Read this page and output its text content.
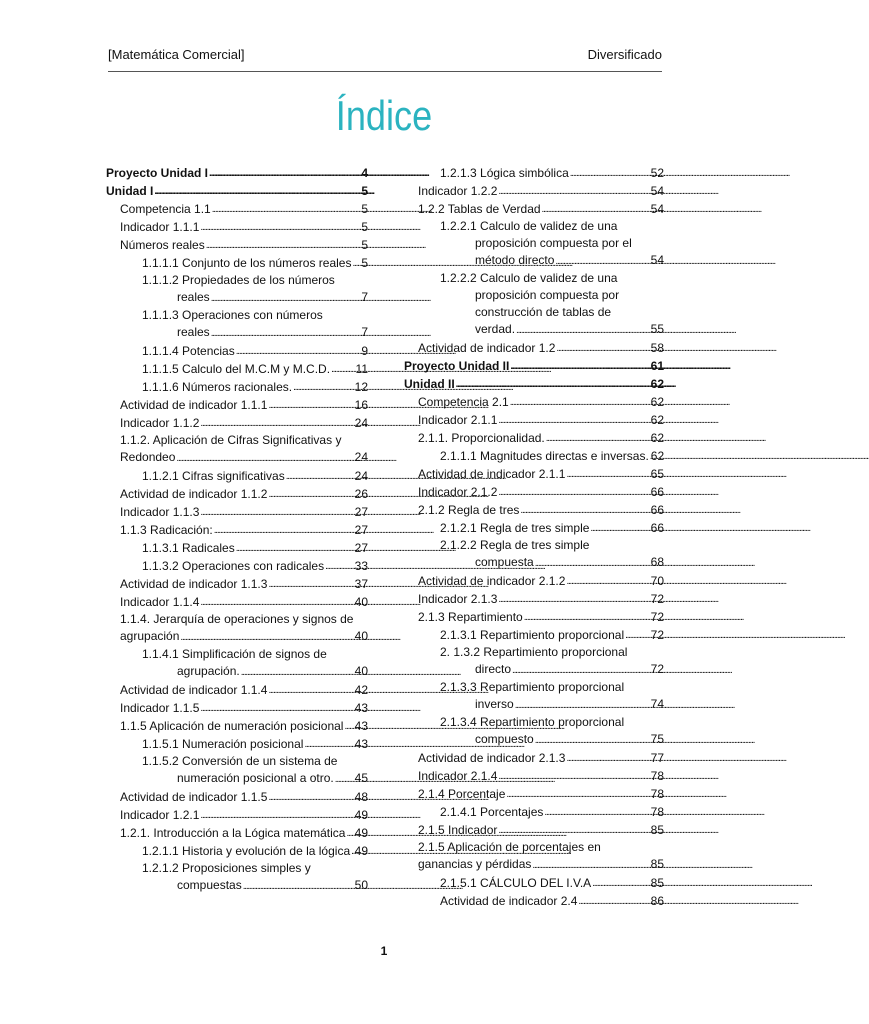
[Matemática Comercial]	Diversificado
Índice
Proyecto Unidad I . . .	4
Unidad I . . .	5
Competencia 1.1 . . .	5
Indicador 1.1.1 . . .	5
Números reales . . .	5
1.1.1.1 Conjunto de los números reales . . . 5
1.1.1.2 Propiedades de los números
reales . . .	7
1.1.1.3 Operaciones con números
reales . . .	7
1.1.1.4 Potencias . . .	9
1.1.1.5 Calculo del M.C.M y M.C.D. . . . 11
1.1.1.6 Números racionales. . . .	12
Actividad de indicador 1.1.1 . . .	16
Indicador 1.1.2 . . .	24
1.1.2. Aplicación de Cifras Significativas y
Redondeo . . .	24
1.1.2.1 Cifras significativas . . .	24
Actividad de indicador 1.1.2 . . .	26
Indicador 1.1.3 . . .	27
1.1.3 Radicación: . . .	27
1.1.3.1 Radicales . . .	27
1.1.3.2 Operaciones con radicales . . .	33
Actividad de indicador 1.1.3 . . .	37
Indicador 1.1.4 . . .	40
1.1.4. Jerarquía de operaciones y signos de
agrupación . . .	40
1.1.4.1 Simplificación de signos de
agrupación. . . .	40
Actividad de indicador 1.1.4 . . .	42
Indicador 1.1.5 . . .	43
1.1.5 Aplicación de numeración posicional . . . 43
1.1.5.1 Numeración posicional . . .	43
1.1.5.2 Conversión de un sistema de
numeración posicional a otro. . . . 45
Actividad de indicador 1.1.5 . . .	48
Indicador 1.2.1 . . .	49
1.2.1. Introducción a la Lógica matemática . . . 49
1.2.1.1 Historia y evolución de la lógica . . . 49
1.2.1.2 Proposiciones simples y
compuestas . . .	50
1.2.1.3 Lógica simbólica . . .	52
Indicador 1.2.2 . . .	54
1.2.2 Tablas de Verdad . . .	54
1.2.2.1 Calculo de validez de una
proposición compuesta por el
método directo . . .	54
1.2.2.2 Calculo de validez de una
proposición compuesta por
construcción de tablas de
verdad. . . .	55
Actividad de indicador 1.2 . . .	58
Proyecto Unidad II . . .	61
Unidad II . . .	62
Competencia 2.1 . . .	62
Indicador 2.1.1 . . .	62
2.1.1. Proporcionalidad. . . .	62
2.1.1.1 Magnitudes directas e inversas. 62
Actividad de indicador 2.1.1 . . .	65
Indicador 2.1.2 . . .	66
2.1.2 Regla de tres . . .	66
2.1.2.1 Regla de tres simple . . .	66
2.1.2.2 Regla de tres simple
compuesta . . .	68
Actividad de indicador 2.1.2 . . .	70
Indicador 2.1.3 . . .	72
2.1.3 Repartimiento . . .	72
2.1.3.1 Repartimiento proporcional . . . 72
2. 1.3.2 Repartimiento proporcional
directo . . .	72
2.1.3.3 Repartimiento proporcional
inverso . . .	74
2.1.3.4 Repartimiento proporcional
compuesto . . .	75
Actividad de indicador 2.1.3 . . .	77
Indicador 2.1.4 . . .	78
2.1.4 Porcentaje . . .	78
2.1.4.1 Porcentajes . . .	78
2.1.5 Indicador . . .	85
2.1.5 Aplicación de porcentajes en
ganancias y pérdidas . . .	85
2.1.5.1 CÁLCULO DEL I.V.A . . .	85
Actividad de indicador 2.4 . . .	86
1
